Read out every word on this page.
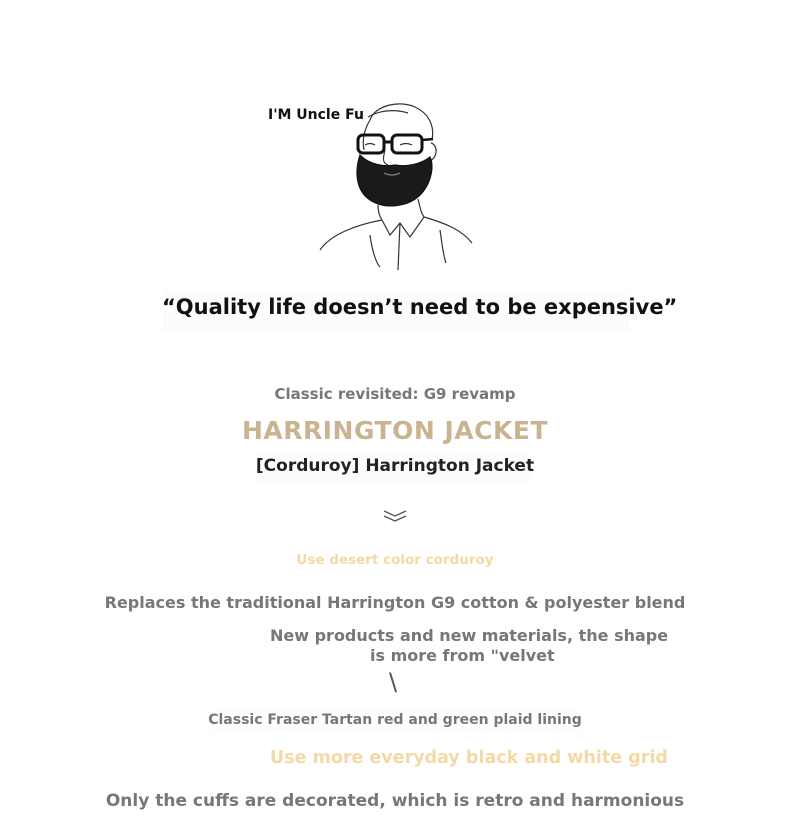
I'M Uncle Fu
“Quality life doesn’t need to be expensive”
Classic revisited: G9 revamp
HARRINGTON JACKET
[Corduroy] Harrington Jacket
Use desert color corduroy
Replaces the traditional Harrington G9 cotton & polyester blend
New products and new materials, the shape
is more from "velvet
\
Classic Fraser Tartan red and green plaid lining
Use more everyday black and white grid
Only the cuffs are decorated, which is retro and harmonious
